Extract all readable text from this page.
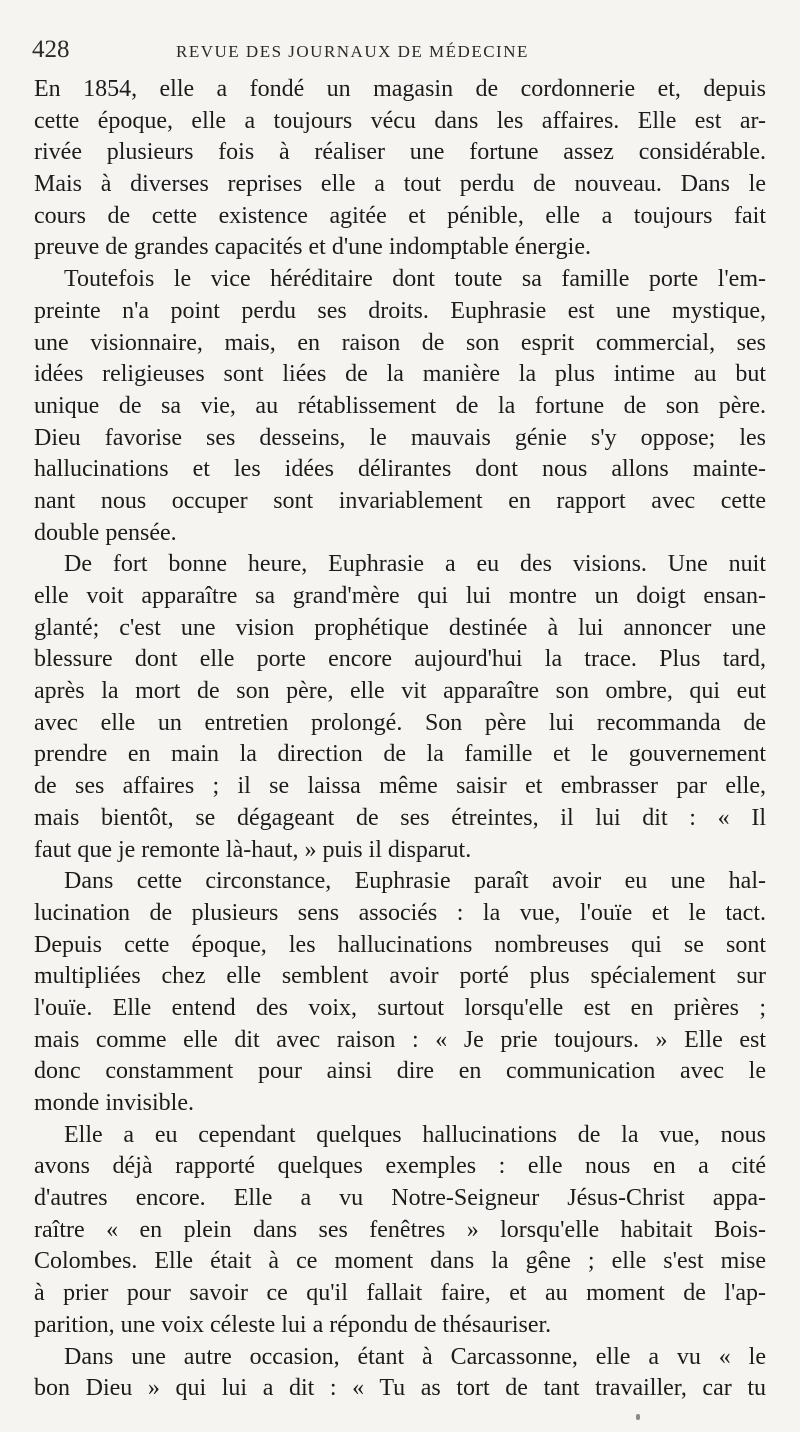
428	REVUE DES JOURNAUX DE MÉDECINE
En 1854, elle a fondé un magasin de cordonnerie et, depuis
cette époque, elle a toujours vécu dans les affaires. Elle est ar-
rivée plusieurs fois à réaliser une fortune assez considérable.
Mais à diverses reprises elle a tout perdu de nouveau. Dans le
cours de cette existence agitée et pénible, elle a toujours fait
preuve de grandes capacités et d'une indomptable énergie.
Toutefois le vice héréditaire dont toute sa famille porte l'em-
preinte n'a point perdu ses droits. Euphrasie est une mystique,
une visionnaire, mais, en raison de son esprit commercial, ses
idées religieuses sont liées de la manière la plus intime au but
unique de sa vie, au rétablissement de la fortune de son père.
Dieu favorise ses desseins, le mauvais génie s'y oppose; les
hallucinations et les idées délirantes dont nous allons mainte-
nant nous occuper sont invariablement en rapport avec cette
double pensée.
De fort bonne heure, Euphrasie a eu des visions. Une nuit
elle voit apparaître sa grand'mère qui lui montre un doigt ensan-
glanté; c'est une vision prophétique destinée à lui annoncer une
blessure dont elle porte encore aujourd'hui la trace. Plus tard,
après la mort de son père, elle vit apparaître son ombre, qui eut
avec elle un entretien prolongé. Son père lui recommanda de
prendre en main la direction de la famille et le gouvernement
de ses affaires ; il se laissa même saisir et embrasser par elle,
mais bientôt, se dégageant de ses étreintes, il lui dit : « Il
faut que je remonte là-haut, » puis il disparut.
Dans cette circonstance, Euphrasie paraît avoir eu une hal-
lucination de plusieurs sens associés : la vue, l'ouïe et le tact.
Depuis cette époque, les hallucinations nombreuses qui se sont
multipliées chez elle semblent avoir porté plus spécialement sur
l'ouïe. Elle entend des voix, surtout lorsqu'elle est en prières ;
mais comme elle dit avec raison : « Je prie toujours. » Elle est
donc constamment pour ainsi dire en communication avec le
monde invisible.
Elle a eu cependant quelques hallucinations de la vue, nous
avons déjà rapporté quelques exemples : elle nous en a cité
d'autres encore. Elle a vu Notre-Seigneur Jésus-Christ appa-
raître « en plein dans ses fenêtres » lorsqu'elle habitait Bois-
Colombes. Elle était à ce moment dans la gêne ; elle s'est mise
à prier pour savoir ce qu'il fallait faire, et au moment de l'ap-
parition, une voix céleste lui a répondu de thésauriser.
Dans une autre occasion, étant à Carcassonne, elle a vu « le
bon Dieu » qui lui a dit : « Tu as tort de tant travailler, car tu
